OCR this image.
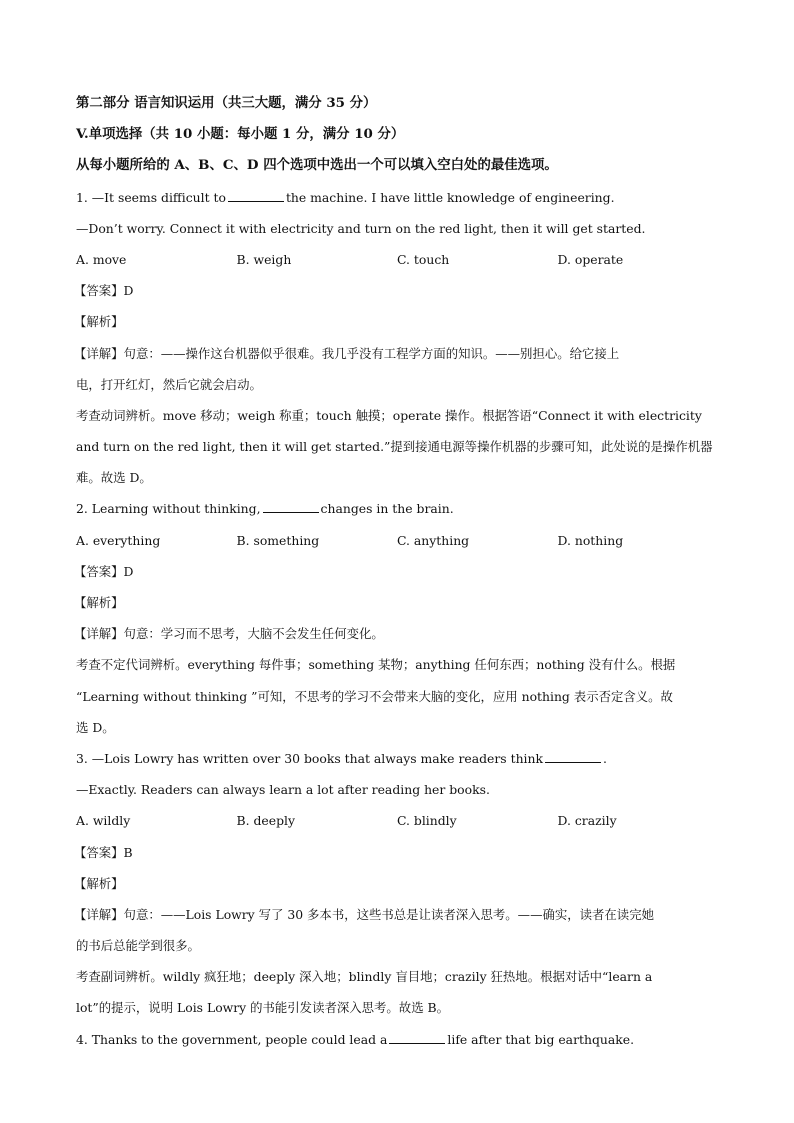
第二部分 语言知识运用（共三大题，满分 35 分）
V.单项选择（共 10 小题：每小题 1 分，满分 10 分）
从每小题所给的 A、B、C、D 四个选项中选出一个可以填入空白处的最佳选项。
1. —It seems difficult to	the machine. I have little knowledge of engineering.
—Don’t worry. Connect it with electricity and turn on the red light, then it will get started.
A. move	B. weigh	C. touch	D. operate
【答案】D
【解析】
【详解】句意：——操作这台机器似乎很难。我几乎没有工程学方面的知识。——别担心。给它接上
电，打开红灯，然后它就会启动。
考查动词辨析。move 移动；weigh 称重；touch 触摸；operate 操作。根据答语“Connect it with electricity
and turn on the red light, then it will get started.”提到接通电源等操作机器的步骤可知，此处说的是操作机器
难。故选 D。
2. Learning without thinking,	changes in the brain.
A. everything	B. something	C. anything	D. nothing
【答案】D
【解析】
【详解】句意：学习而不思考，大脑不会发生任何变化。
考查不定代词辨析。everything 每件事；something 某物；anything 任何东西；nothing 没有什么。根据
“Learning without thinking ”可知，不思考的学习不会带来大脑的变化，应用 nothing 表示否定含义。故
选 D。
3. —Lois Lowry has written over 30 books that always make readers think	.
—Exactly. Readers can always learn a lot after reading her books.
A. wildly	B. deeply	C. blindly	D. crazily
【答案】B
【解析】
【详解】句意：——Lois Lowry 写了 30 多本书，这些书总是让读者深入思考。——确实，读者在读完她
的书后总能学到很多。
考查副词辨析。wildly 疯狂地；deeply 深入地；blindly 盲目地；crazily 狂热地。根据对话中“learn a
lot”的提示，说明 Lois Lowry 的书能引发读者深入思考。故选 B。
4. Thanks to the government, people could lead a	life after that big earthquake.
